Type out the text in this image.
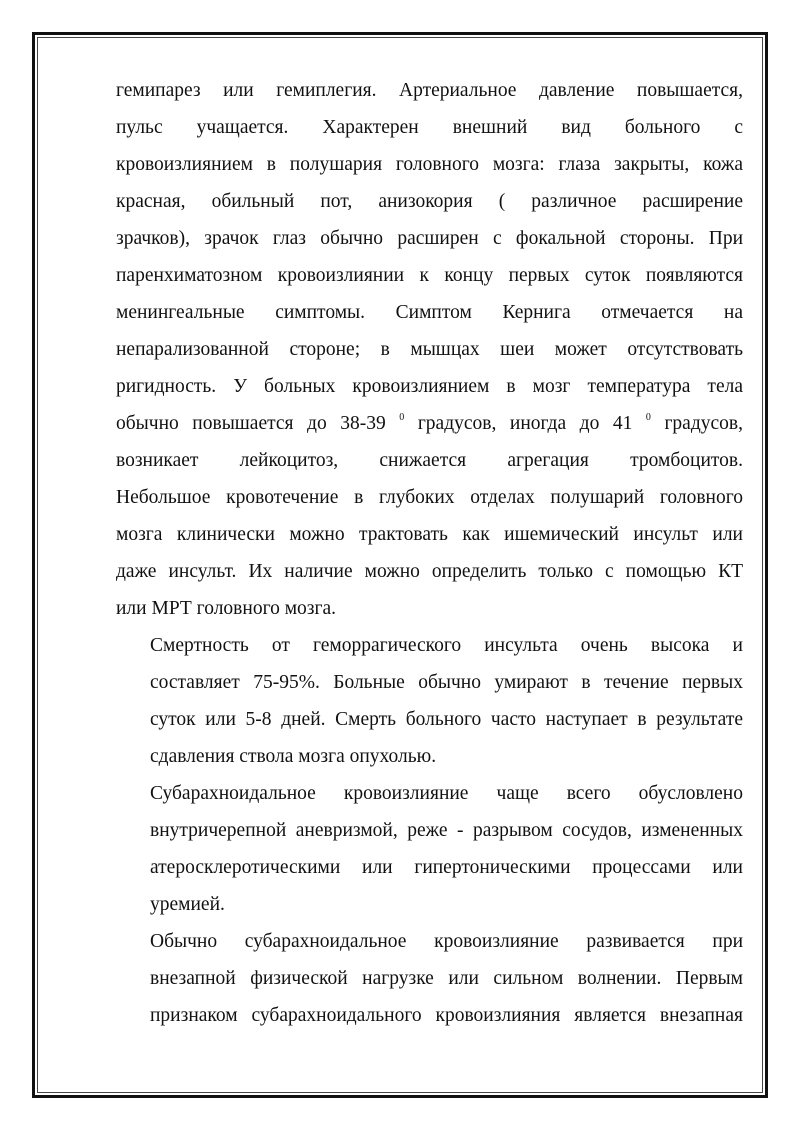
гемипарез или гемиплегия. Артериальное давление повышается,
пульс учащается. Характерен внешний вид больного с
кровоизлиянием в полушария головного мозга: глаза закрыты, кожа
красная, обильный пот, анизокория ( различное расширение
зрачков), зрачок глаз обычно расширен с фокальной стороны. При
паренхиматозном кровоизлиянии к концу первых суток появляются
менингеальные симптомы. Симптом Кернига отмечается на
непарализованной стороне; в мышцах шеи может отсутствовать
ригидность. У больных кровоизлиянием в мозг температура тела
обычно повышается до 38-39 $^0$ градусов, иногда до 41 $^0$ градусов,
возникает лейкоцитоз, снижается агрегация тромбоцитов.
Небольшое кровотечение в глубоких отделах полушарий головного
мозга клинически можно трактовать как ишемический инсульт или
даже инсульт. Их наличие можно определить только с помощью КТ
или МРТ головного мозга.

Смертность от геморрагического инсульта очень высока и
составляет 75-95%. Больные обычно умирают в течение первых
суток или 5-8 дней. Смерть больного часто наступает в результате
сдавления ствола мозга опухолью.

Субарахноидальное кровоизлияние чаще всего обусловлено
внутричерепной аневризмой, реже - разрывом сосудов, измененных
атеросклеротическими или гипертоническими процессами или
уремией.

Обычно субарахноидальное кровоизлияние развивается при
внезапной физической нагрузке или сильном волнении. Первым
признаком субарахноидального кровоизлияния является внезапная
